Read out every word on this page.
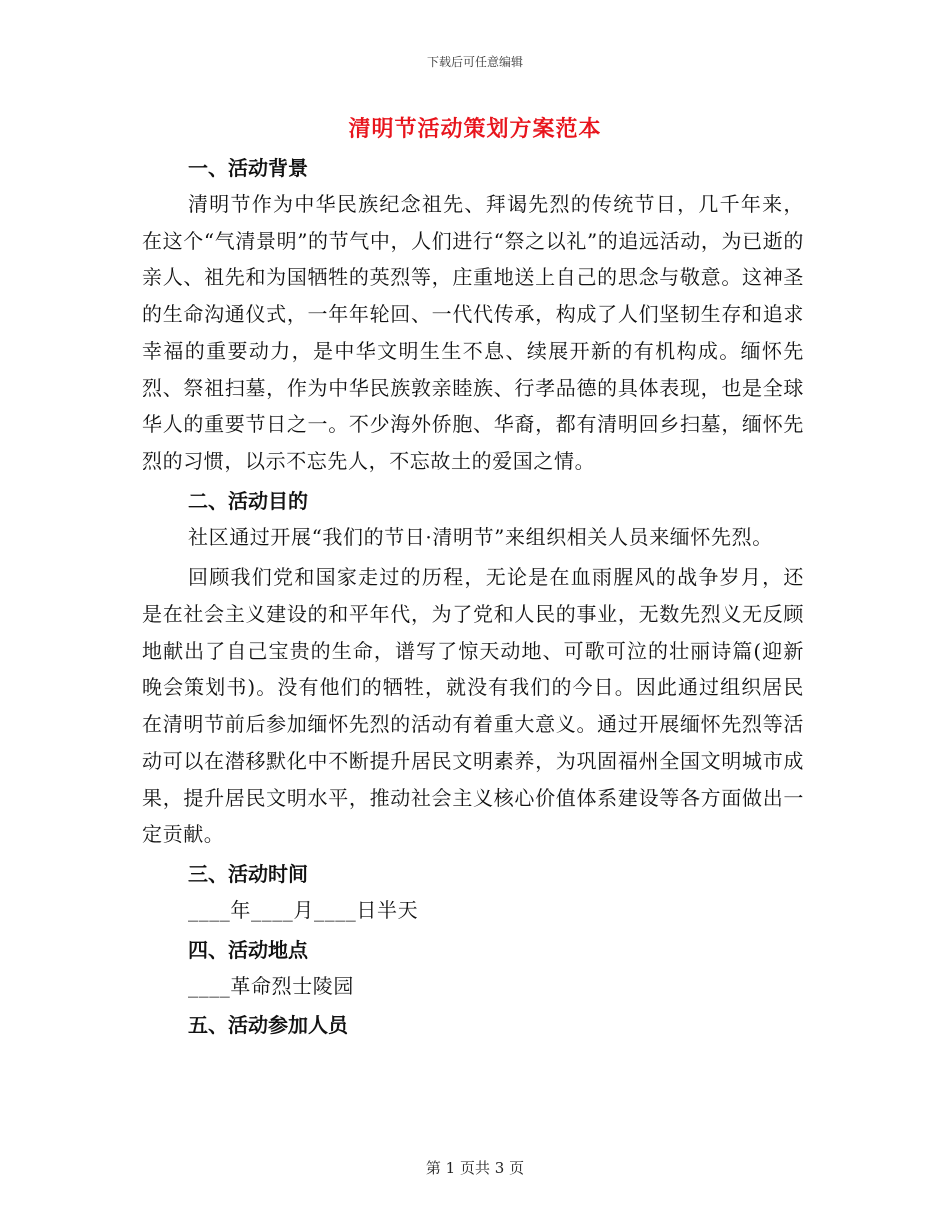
下载后可任意编辑
清明节活动策划方案范本
一、活动背景

清明节作为中华民族纪念祖先、拜谒先烈的传统节日，几千年来，在这个“气清景明”的节气中，人们进行“祭之以礼”的追远活动，为已逝的亲人、祖先和为国牺牲的英烈等，庄重地送上自己的思念与敬意。这神圣的生命沟通仪式，一年年轮回、一代代传承，构成了人们坚韧生存和追求幸福的重要动力，是中华文明生生不息、续展开新的有机构成。缅怀先烈、祭祖扫墓，作为中华民族敦亲睦族、行孝品德的具体表现，也是全球华人的重要节日之一。不少海外侨胞、华裔，都有清明回乡扫墓，缅怀先烈的习惯，以示不忘先人，不忘故土的爱国之情。

二、活动目的

社区通过开展“我们的节日·清明节”来组织相关人员来缅怀先烈。

回顾我们党和国家走过的历程，无论是在血雨腥风的战争岁月，还是在社会主义建设的和平年代，为了党和人民的事业，无数先烈义无反顾地献出了自己宝贵的生命，谱写了惊天动地、可歌可泣的壮丽诗篇(迎新晚会策划书)。没有他们的牺牲，就没有我们的今日。因此通过组织居民在清明节前后参加缅怀先烈的活动有着重大意义。通过开展缅怀先烈等活动可以在潜移默化中不断提升居民文明素养，为巩固福州全国文明城市成果，提升居民文明水平，推动社会主义核心价值体系建设等各方面做出一定贡献。

三、活动时间

____年____月____日半天

四、活动地点

____革命烈士陵园

五、活动参加人员
第 1 页共 3 页
